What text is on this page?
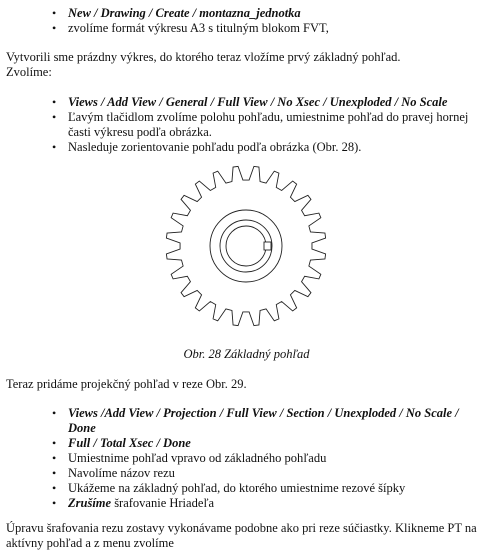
• New / Drawing / Create / montazna_jednotka
• zvolíme formát výkresu A3 s titulným blokom FVT,
Vytvorili sme prázdny výkres, do ktorého teraz vložíme prvý základný pohľad.
Zvolíme:
• Views / Add View / General / Full View / No Xsec / Unexploded / No Scale
• Ľavým tlačidlom zvolíme polohu pohľadu, umiestnime pohľad do pravej hornej
časti výkresu podľa obrázka.
• Nasleduje zorientovanie pohľadu podľa obrázka (Obr. 28).
Obr. 28 Základný pohľad
Teraz pridáme projekčný pohľad v reze Obr. 29.
• Views /Add View / Projection / Full View / Section / Unexploded / No Scale /
Done
• Full / Total Xsec / Done
• Umiestnime pohľad vpravo od základného pohľadu
• Navolíme názov rezu
• Ukážeme na základný pohľad, do ktorého umiestnime rezové šípky
• Zrušíme šrafovanie Hriadeľa
Úpravu šrafovania rezu zostavy vykonávame podobne ako pri reze súčiastky. Klikneme PT na
aktívny pohľad a z menu zvolíme
